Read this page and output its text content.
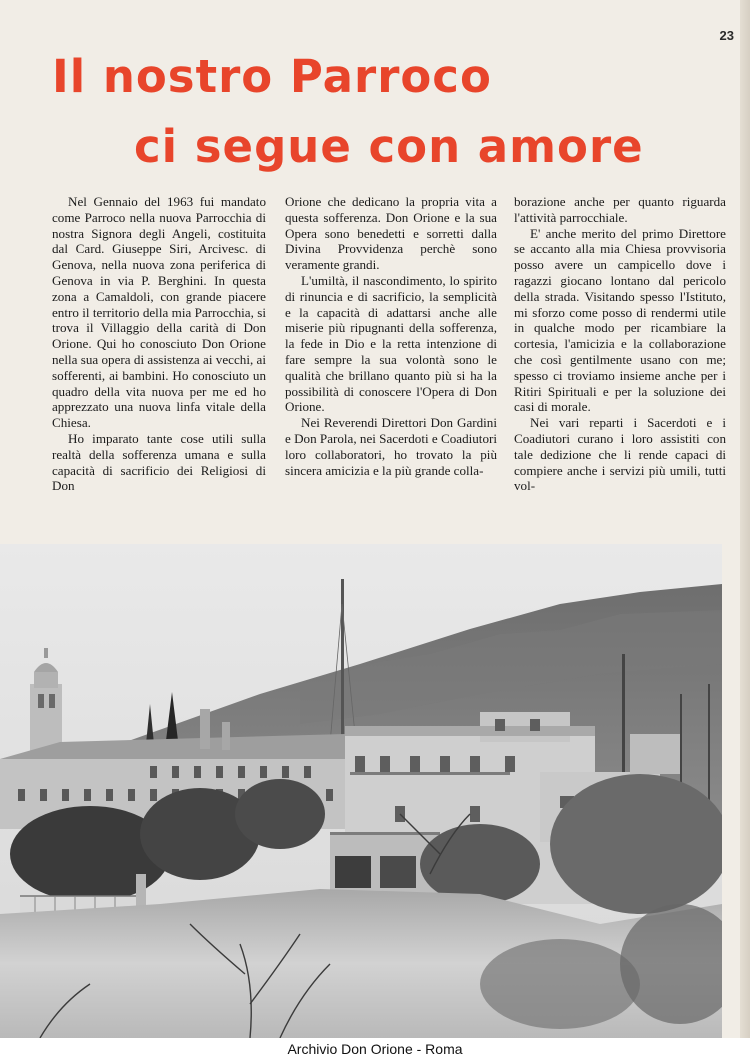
23
Il nostro Parroco
ci segue con amore

Nel Gennaio del 1963 fui mandato come Parroco nella nuova Parrocchia di nostra Signora degli Angeli, costituita dal Card. Giuseppe Siri, Arcivesc. di Genova, nella nuova zona periferica di Genova in via P. Berghini. In questa zona a Camaldoli, con grande piacere entro il territorio della mia Parrocchia, si trova il Villaggio della carità di Don Orione. Qui ho conosciuto Don Orione nella sua opera di assistenza ai vecchi, ai sofferenti, ai bambini. Ho conosciuto un quadro della vita nuova per me ed ho apprezzato una nuova linfa vitale della Chiesa.

Ho imparato tante cose utili sulla realtà della sofferenza umana e sulla capacità di sacrificio dei Religiosi di Don

Orione che dedicano la propria vita a questa sofferenza. Don Orione e la sua Opera sono benedetti e sorretti dalla Divina Provvidenza perchè sono veramente grandi.

L'umiltà, il nascondimento, lo spirito di rinuncia e di sacrificio, la semplicità e la capacità di adattarsi anche alle miserie più ripugnanti della sofferenza, la fede in Dio e la retta intenzione di fare sempre la sua volontà sono le qualità che brillano quanto più si ha la possibilità di conoscere l'Opera di Don Orione.

Nei Reverendi Direttori Don Gardini e Don Parola, nei Sacerdoti e Coadiutori loro collaboratori, ho trovato la più sincera amicizia e la più grande colla-

borazione anche per quanto riguarda l'attività parrocchiale.

E' anche merito del primo Direttore se accanto alla mia Chiesa provvisoria posso avere un campicello dove i ragazzi giocano lontano dal pericolo della strada. Visitando spesso l'Istituto, mi sforzo come posso di rendermi utile in qualche modo per ricambiare la cortesia, l'amicizia e la collaborazione che così gentilmente usano con me; spesso ci troviamo insieme anche per i Ritiri Spirituali e per la soluzione dei casi di morale.

Nei vari reparti i Sacerdoti e i Coadiutori curano i loro assistiti con tale dedizione che li rende capaci di compiere anche i servizi più umili, tutti vol-

Archivio Don Orione - Roma
